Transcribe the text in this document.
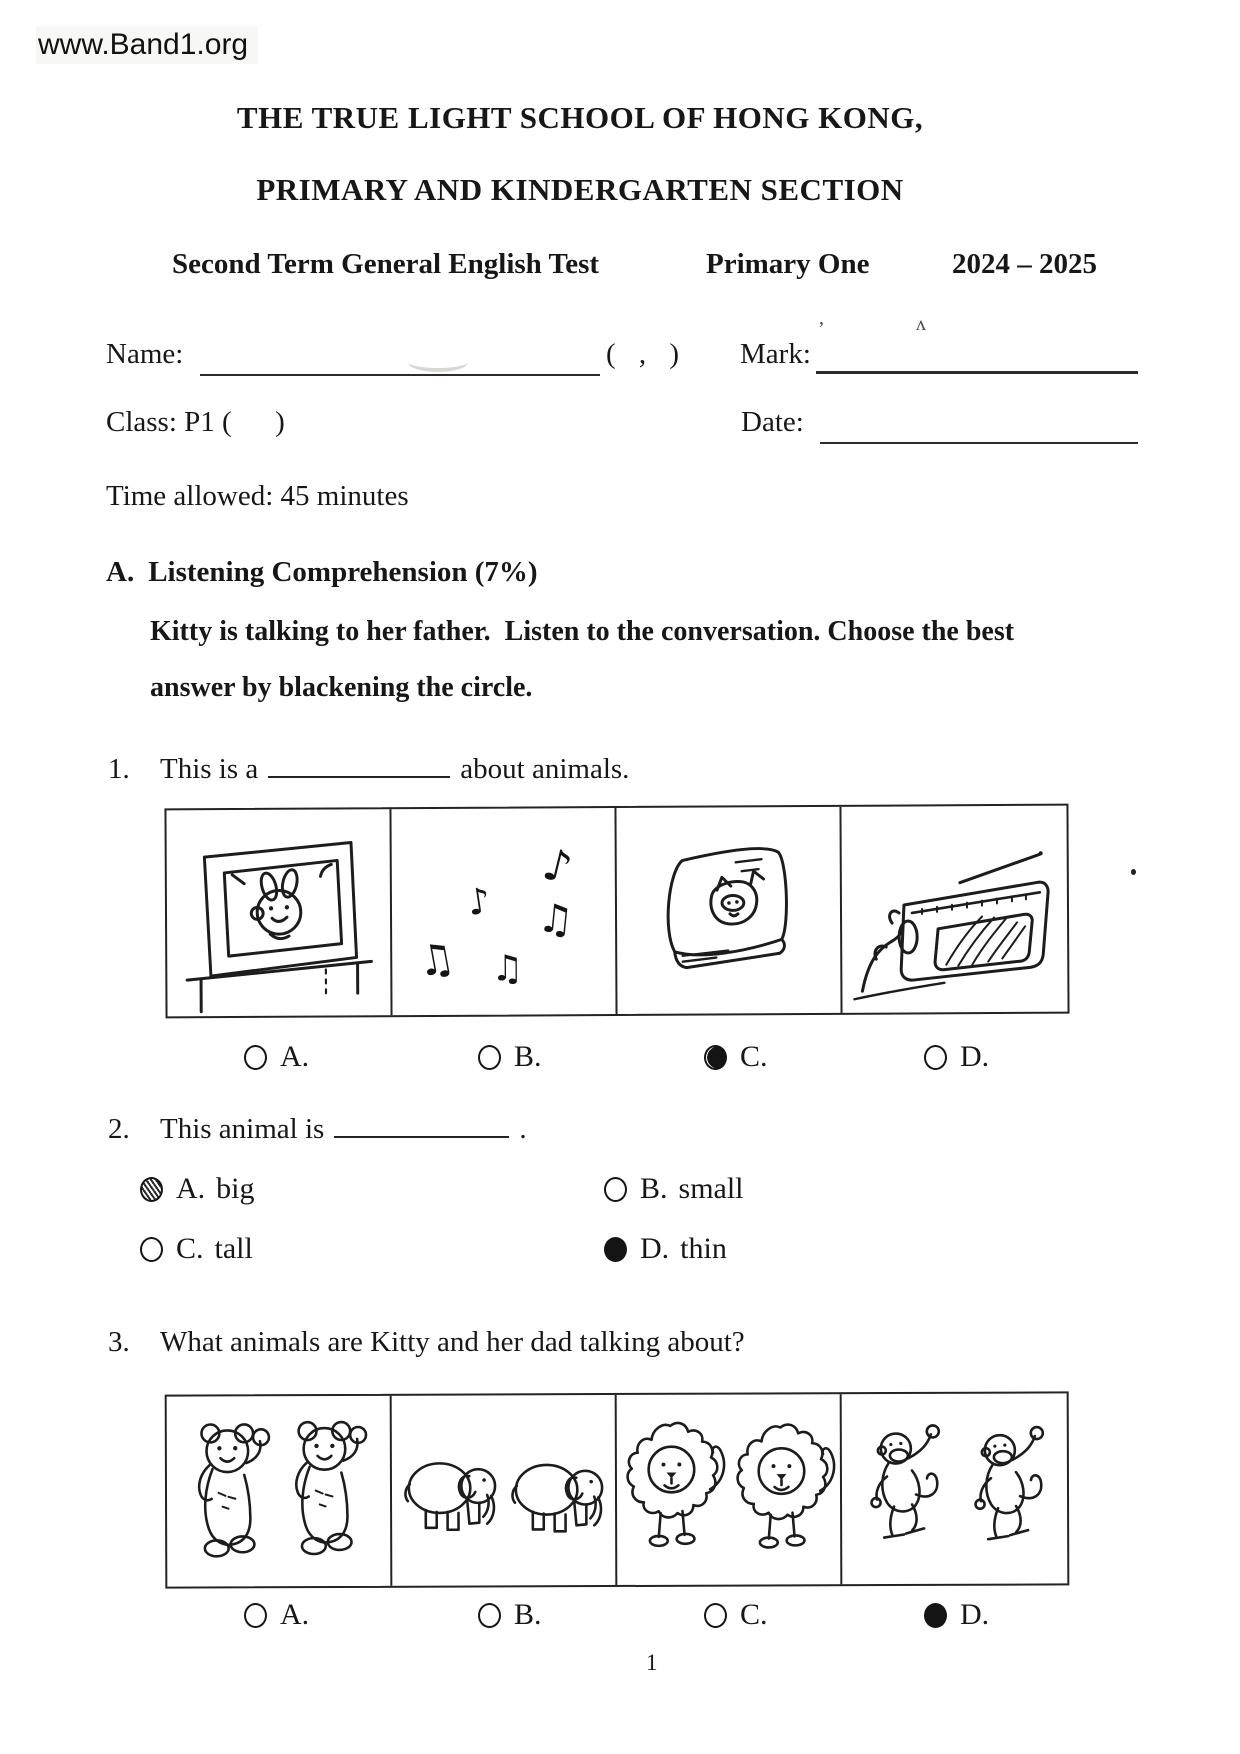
www.Band1.org
THE TRUE LIGHT SCHOOL OF HONG KONG,
PRIMARY AND KINDERGARTEN SECTION
Second Term General English Test	Primary One	2024 – 2025
Name:	( , ) Mark:
’	ʌ
Class: P1 (      )	Date:
Time allowed: 45 minutes
A. Listening Comprehension (7%)
Kitty is talking to her father.  Listen to the conversation. Choose the best
answer by blackening the circle.
1.	This is a	about animals.
♪
♪ ♫
♫ ♫
A.	B.	C.	D.
2.	This animal is	.
A. big	B. small
C. tall	D. thin
3.	What animals are Kitty and her dad talking about?
A.	B.	C.	D.
1
